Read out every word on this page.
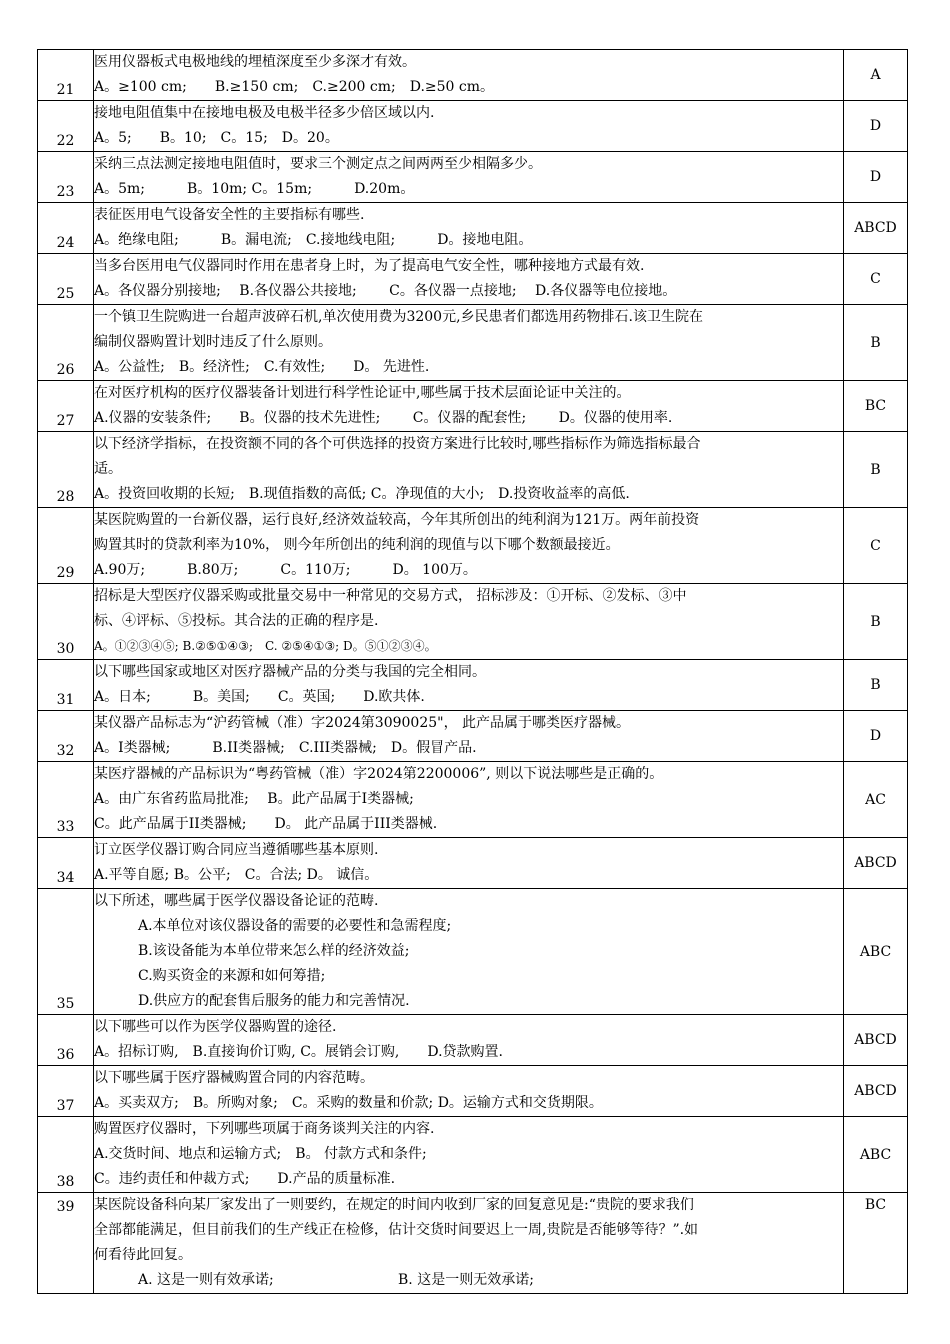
21	医用仪器板式电极地线的埋植深度至少多深才有效。
A。≥100 cm;　　B.≥150 cm;　C.≥200 cm;　D.≥50 cm。	A
22	接地电阻值集中在接地电极及电极半径多少倍区域以内.
A。5;　　B。10;　C。15;　D。20。	D
23	采纳三点法测定接地电阻值时，要求三个测定点之间两两至少相隔多少。
A。5m;　　　B。10m; C。15m;　　　D.20m。	D
24	表征医用电气设备安全性的主要指标有哪些.
A。绝缘电阻;　　　B。漏电流;　C.接地线电阻;　　　D。接地电阻。	ABCD
25	当多台医用电气仪器同时作用在患者身上时，为了提高电气安全性，哪种接地方式最有效.
A。各仪器分别接地;　 B.各仪器公共接地;　　 C。各仪器一点接地;　 D.各仪器等电位接地。	C
26	一个镇卫生院购进一台超声波碎石机,单次使用费为3200元,乡民患者们都选用药物排石.该卫生院在
编制仪器购置计划时违反了什么原则。
A。公益性;　B。经济性;　C.有效性;　　D。 先进性.	B
27	在对医疗机构的医疗仪器装备计划进行科学性论证中,哪些属于技术层面论证中关注的。
A.仪器的安装条件;　　B。仪器的技术先进性;　　 C。仪器的配套性;　　 D。仪器的使用率.	BC
28	以下经济学指标，在投资额不同的各个可供选择的投资方案进行比较时,哪些指标作为筛选指标最合
适。
A。投资回收期的长短;　B.现值指数的高低; C。净现值的大小;　D.投资收益率的高低.	B
29	某医院购置的一台新仪器，运行良好,经济效益较高，今年其所创出的纯利润为121万。两年前投资
购置其时的贷款利率为10%， 则今年所创出的纯利润的现值与以下哪个数额最接近。
A.90万;　　　B.80万;　　　C。110万;　　　D。 100万。	C
30	招标是大型医疗仪器采购或批量交易中一种常见的交易方式， 招标涉及：①开标、②发标、③中
标、④评标、⑤投标。其合法的正确的程序是.
A。①②③④⑤; B.②⑤①④③;　C. ②⑤④①③; D。⑤①②③④。	B
31	以下哪些国家或地区对医疗器械产品的分类与我国的完全相同。
A。日本;　　　B。美国;　　C。英国;　　D.欧共体.	B
32	某仪器产品标志为“沪药管械（准）字2024第3090025"， 此产品属于哪类医疗器械。
A。I类器械;　　　B.II类器械;　C.III类器械;　D。假冒产品.	D
33	某医疗器械的产品标识为“粤药管械（准）字2024第2200006”, 则以下说法哪些是正确的。
A。由广东省药监局批准;　 B。此产品属于I类器械;
C。此产品属于II类器械;　　D。 此产品属于III类器械.	AC
34	订立医学仪器订购合同应当遵循哪些基本原则.
A.平等自愿; B。公平;　C。合法; D。 诚信。	ABCD
35	以下所述，哪些属于医学仪器设备论证的范畴.
A.本单位对该仪器设备的需要的必要性和急需程度;
B.该设备能为本单位带来怎么样的经济效益;
C.购买资金的来源和如何筹措;
D.供应方的配套售后服务的能力和完善情况.	ABC
36	以下哪些可以作为医学仪器购置的途径.
A。招标订购,　B.直接询价订购, C。展销会订购,　　D.贷款购置.	ABCD
37	以下哪些属于医疗器械购置合同的内容范畴。
A。买卖双方;　B。所购对象;　C。采购的数量和价款; D。运输方式和交货期限。	ABCD
38	购置医疗仪器时，下列哪些项属于商务谈判关注的内容.
A.交货时间、地点和运输方式;　B。 付款方式和条件;
C。违约责任和仲裁方式;　　D.产品的质量标准.	ABC
39	某医院设备科向某厂家发出了一则要约，在规定的时间内收到厂家的回复意见是:“贵院的要求我们
全部都能满足，但目前我们的生产线正在检修，估计交货时间要迟上一周,贵院是否能够等待？”.如
何看待此回复。
A. 这是一则有效承诺; B. 这是一则无效承诺;	BC
